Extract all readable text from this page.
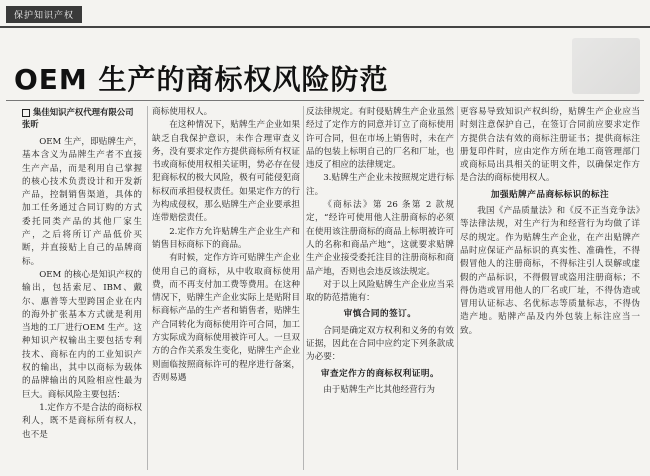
保护知识产权
OEM 生产的商标权风险防范
集佳知识产权代理有限公司
张昕

OEM 生产，即贴牌生产，基本含义为品牌生产者不直接生产产品，而是利用自己掌握的核心技术负责设计和开发新产品，控制销售渠道，具体的加工任务通过合同订购的方式委托同类产品的其他厂家生产，之后将所订产品低价买断，并直接贴上自己的品牌商标。

OEM 的核心是知识产权的输出，包括索尼、IBM、戴尔、惠普等大型跨国企业在内的海外扩张基本方式就是利用当地的工厂进行OEM 生产。这种知识产权输出主要包括专利技术、商标在内的工业知识产权的输出，其中以商标为载体的品牌输出的风险相应性最为巨大。商标风险主要包括：

1.定作方不是合法的商标权利人，既不是商标所有权人，也不是

商标使用权人。

在这种情况下，贴牌生产企业如果缺乏自我保护意识，未作合理审查义务，没有要求定作方提供商标所有权证书或商标使用权相关证明，势必存在侵犯商标权的极大风险，极有可能侵犯商标权而承担侵权责任。如果定作方的行为构成侵权，那么贴牌生产企业要承担连带赔偿责任。

2.定作方允许贴牌生产企业生产和销售目标商标下的商品。

有时候，定作方许可贴牌生产企业使用自己的商标，从中收取商标使用费，而不再支付加工费等费用。在这种情况下，贴牌生产企业实际上是贴附目标商标产品的生产者和销售者，贴牌生产合同转化为商标使用许可合同，加工方实际成为商标使用被许可人。一旦双方的合作关系发生变化，贴牌生产企业则面临按照商标许可的程序进行备案，否则易遇

反法律规定。有时侵贴牌生产企业虽然经过了定作方的同意并订立了商标使用许可合同，但在市场上销售时，未在产品的包装上标明自己的厂名和厂址，也违反了相应的法律规定。

3.贴牌生产企业未按照规定进行标注。

《商标法》第 26 条第 2 款规定，“经许可使用他人注册商标的必须在使用该注册商标的商品上标明被许可人的名称和商品产地”，这就要求贴牌生产企业接受委托注目的注册商标和商品产地，否则也会违反该法规定。

对于以上风险贴牌生产企业应当采取的防范措施有：

审慎合同的签订。

合同是确定双方权利和义务的有效证据，因此在合同中应约定下列条款成为必要：

审查定作方的商标权利证明。

由于贴牌生产比其他经营行为

更容易导致知识产权纠纷，贴牌生产企业应当时刻注意保护自己，在签订合同前应要求定作方提供合法有效的商标注册证书；提供商标注册复印件时，应由定作方所在地工商管理部门或商标局出具相关的证明文件，以确保定作方是合法的商标使用权人。

加强贴牌产品商标标识的标注

我国《产品质量法》和《反不正当竞争法》等法律法规，对生产行为和经营行为均做了详尽的规定。作为贴牌生产企业，在产出贴牌产品时应保证产品标识的真实性、准确性，不得假冒他人的注册商标，不得标注引人误解或虚假的产品标识，不得假冒或盗用注册商标；不得伪造或冒用他人的厂名或厂址，不得伪造或冒用认证标志、名优标志等质量标志，不得伪造产地。贴牌产品及内外包装上标注应当一致。
